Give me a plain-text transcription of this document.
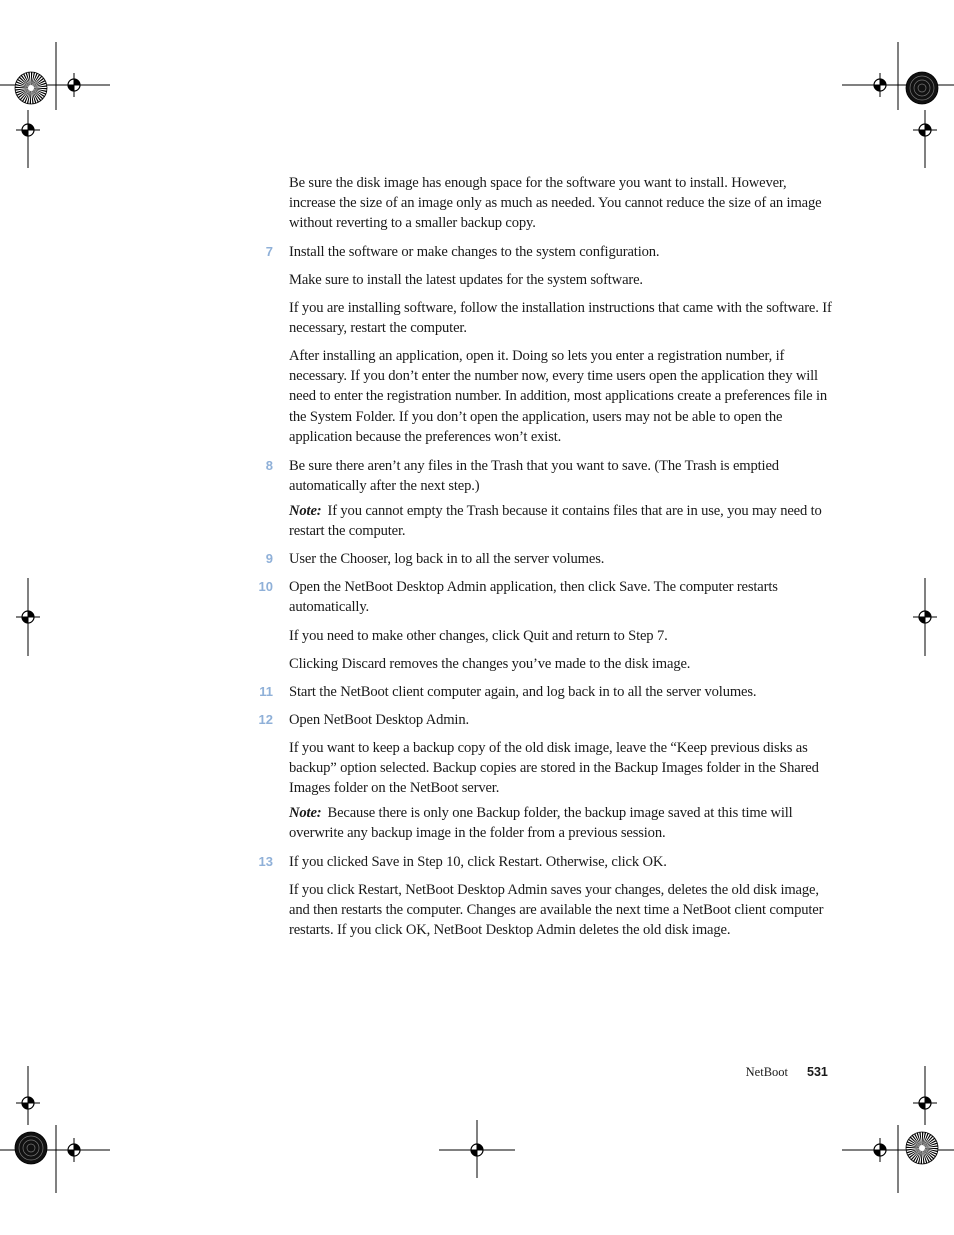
Be sure the disk image has enough space for the software you want to install. However, increase the size of an image only as much as needed. You cannot reduce the size of an image without reverting to a smaller backup copy.
7 Install the software or make changes to the system configuration.
Make sure to install the latest updates for the system software.
If you are installing software, follow the installation instructions that came with the software. If necessary, restart the computer.
After installing an application, open it. Doing so lets you enter a registration number, if necessary. If you don’t enter the number now, every time users open the application they will need to enter the registration number. In addition, most applications create a preferences file in the System Folder. If you don’t open the application, users may not be able to open the application because the preferences won’t exist.
8 Be sure there aren’t any files in the Trash that you want to save. (The Trash is emptied automatically after the next step.)
Note: If you cannot empty the Trash because it contains files that are in use, you may need to restart the computer.
9 User the Chooser, log back in to all the server volumes.
10 Open the NetBoot Desktop Admin application, then click Save. The computer restarts automatically.
If you need to make other changes, click Quit and return to Step 7.
Clicking Discard removes the changes you’ve made to the disk image.
11 Start the NetBoot client computer again, and log back in to all the server volumes.
12 Open NetBoot Desktop Admin.
If you want to keep a backup copy of the old disk image, leave the “Keep previous disks as backup” option selected. Backup copies are stored in the Backup Images folder in the Shared Images folder on the NetBoot server.
Note: Because there is only one Backup folder, the backup image saved at this time will overwrite any backup image in the folder from a previous session.
13 If you clicked Save in Step 10, click Restart. Otherwise, click OK.
If you click Restart, NetBoot Desktop Admin saves your changes, deletes the old disk image, and then restarts the computer. Changes are available the next time a NetBoot client computer restarts. If you click OK, NetBoot Desktop Admin deletes the old disk image.
NetBoot 531
